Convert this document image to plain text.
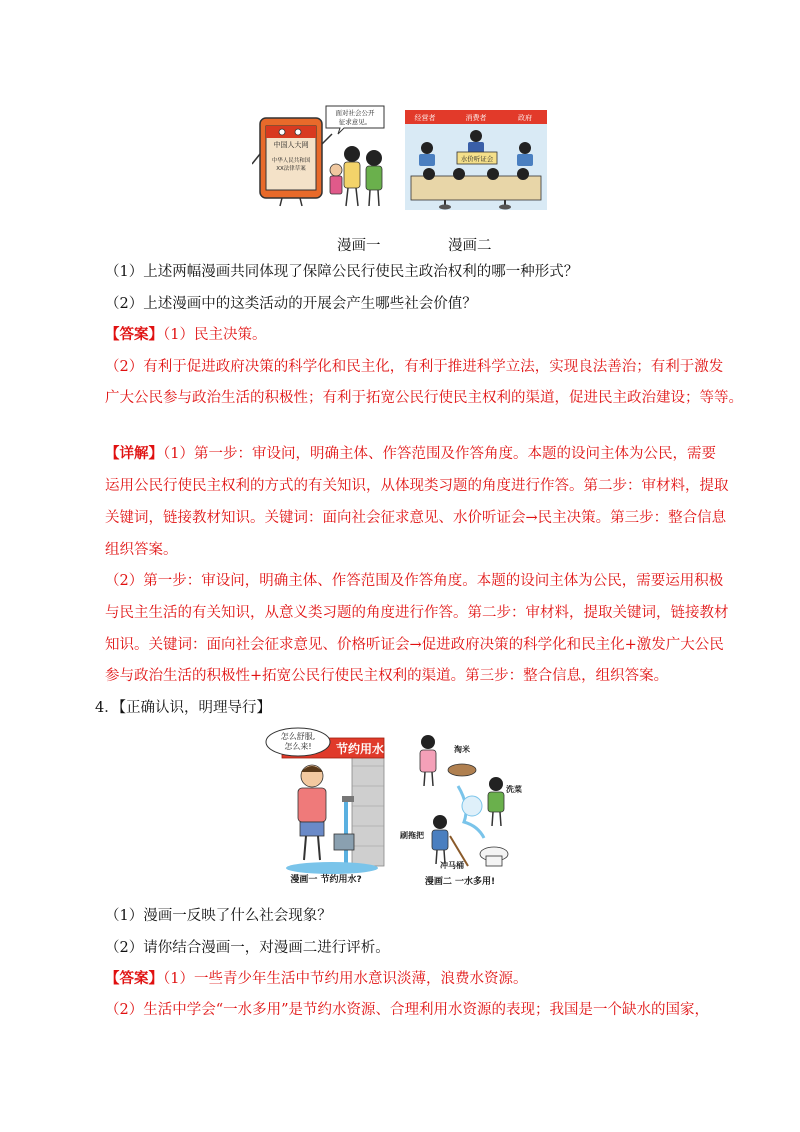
中国人大网
中华人民共和国
XX法律草案
面对社会公开
征求意见。	经营者	消费者	政府
水价听证会
漫画一	漫画二
（1）上述两幅漫画共同体现了保障公民行使民主政治权利的哪一种形式？
（2）上述漫画中的这类活动的开展会产生哪些社会价值？
【答案】（1）民主决策。
（2）有利于促进政府决策的科学化和民主化，有利于推进科学立法，实现良法善治；有利于激发
广大公民参与政治生活的积极性；有利于拓宽公民行使民主权利的渠道，促进民主政治建设；等等。
【详解】（1）第一步：审设问，明确主体、作答范围及作答角度。本题的设问主体为公民，需要
运用公民行使民主权利的方式的有关知识，从体现类习题的角度进行作答。第二步：审材料，提取
关键词，链接教材知识。关键词：面向社会征求意见、水价听证会→民主决策。第三步：整合信息
组织答案。
（2）第一步：审设问，明确主体、作答范围及作答角度。本题的设问主体为公民，需要运用积极
与民主生活的有关知识，从意义类习题的角度进行作答。第二步：审材料，提取关键词，链接教材
知识。关键词：面向社会征求意见、价格听证会→促进政府决策的科学化和民主化+激发广大公民
参与政治生活的积极性+拓宽公民行使民主权利的渠道。第三步：整合信息，组织答案。
4．【正确认识，明理导行】
节约用水
怎么舒服,
怎么来!
漫画一 节约用水?
淘米
洗菜
刷拖把
冲马桶
漫画二 一水多用!
（1）漫画一反映了什么社会现象？
（2）请你结合漫画一，对漫画二进行评析。
【答案】（1）一些青少年生活中节约用水意识淡薄，浪费水资源。
（2）生活中学会“一水多用”是节约水资源、合理利用水资源的表现；我国是一个缺水的国家，
